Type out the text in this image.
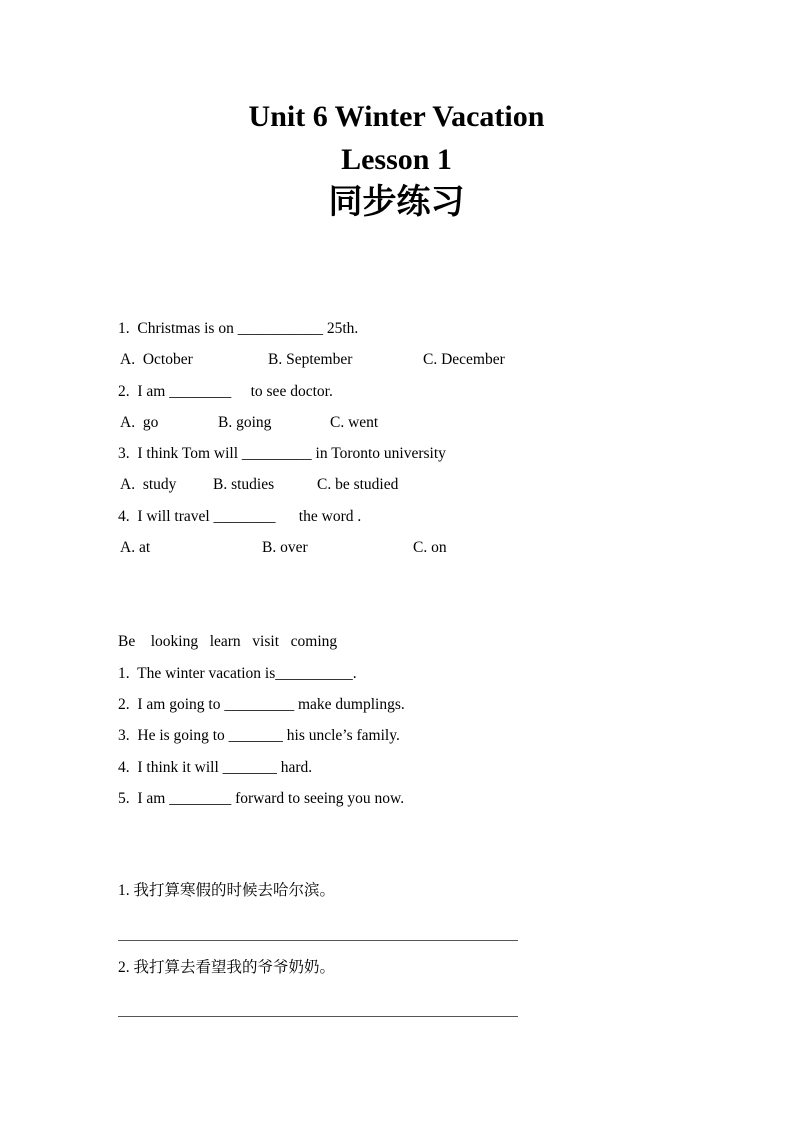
Unit 6 Winter Vacation
Lesson 1
同步练习

1.  Christmas is on ___________ 25th.

A.  October	B. September	C. December

2.  I am ________     to see doctor.

A.  go	B. going	C. went

3.  I think Tom will _________ in Toronto university

A.  study B. studies	C. be studied

4.  I will travel ________      the word .

A. at	B. over	C. on

Be    looking   learn   visit   coming

1.  The winter vacation is__________.

2.  I am going to _________ make dumplings.

3.  He is going to _______ his uncle’s family.

4.  I think it will _______ hard.

5.  I am ________ forward to seeing you now.

1. 我打算寒假的时候去哈尔滨。

2. 我打算去看望我的爷爷奶奶。
